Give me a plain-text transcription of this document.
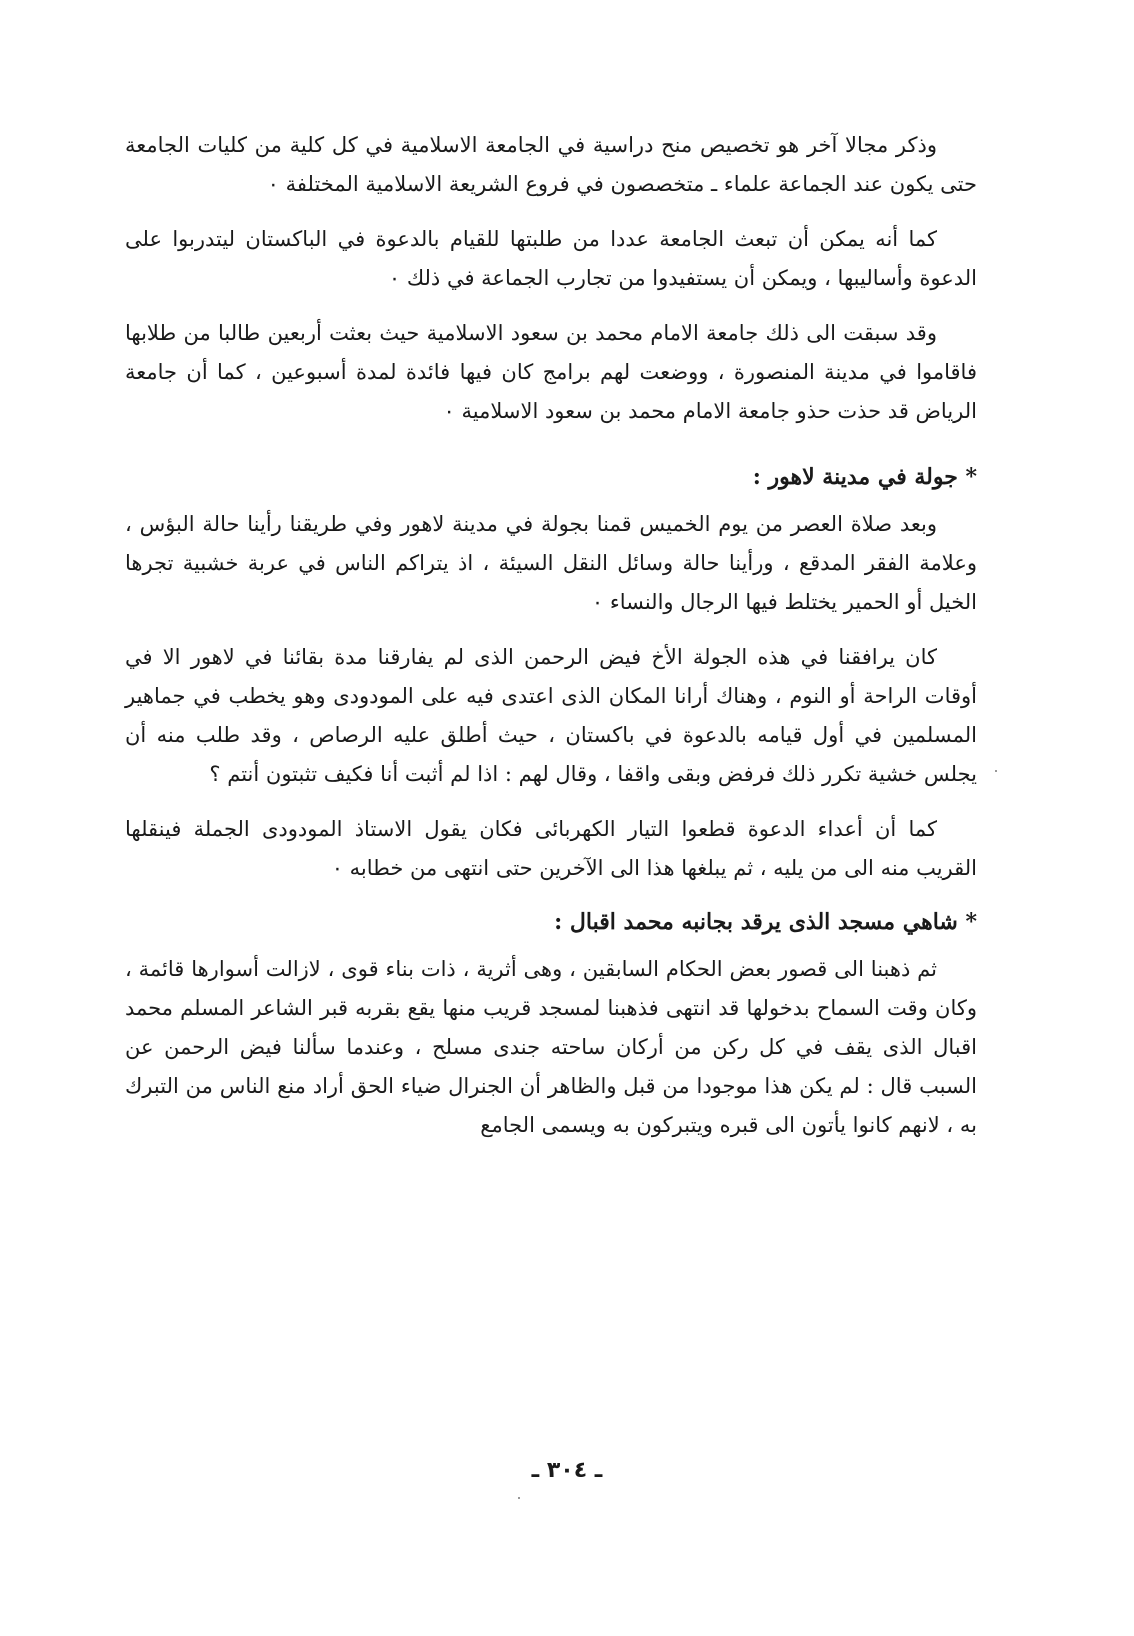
وذكر مجالا آخر هو تخصيص منح دراسية في الجامعة الاسلامية في كل كلية من كليات الجامعة حتى يكون عند الجماعة علماء ـ متخصصون في فروع الشريعة الاسلامية المختلفة ٠

كما أنه يمكن أن تبعث الجامعة عددا من طلبتها للقيام بالدعوة في الباكستان ليتدربوا على الدعوة وأساليبها ، ويمكن أن يستفيدوا من تجارب الجماعة في ذلك ٠

وقد سبقت الى ذلك جامعة الامام محمد بن سعود الاسلامية حيث بعثت أربعين طالبا من طلابها فاقاموا في مدينة المنصورة ، ووضعت لهم برامج كان فيها فائدة لمدة أسبوعين ، كما أن جامعة الرياض قد حذت حذو جامعة الامام محمد بن سعود الاسلامية ٠

* جولة في مدينة لاهور :

وبعد صلاة العصر من يوم الخميس قمنا بجولة في مدينة لاهور وفي طريقنا رأينا حالة البؤس ، وعلامة الفقر المدقع ، ورأينا حالة وسائل النقل السيئة ، اذ يتراكم الناس في عربة خشبية تجرها الخيل أو الحمير يختلط فيها الرجال والنساء ٠

كان يرافقنا في هذه الجولة الأخ فيض الرحمن الذى لم يفارقنا مدة بقائنا في لاهور الا في أوقات الراحة أو النوم ، وهناك أرانا المكان الذى اعتدى فيه على المودودى وهو يخطب في جماهير المسلمين في أول قيامه بالدعوة في باكستان ، حيث أطلق عليه الرصاص ، وقد طلب منه أن يجلس خشية تكرر ذلك فرفض وبقى واقفا ، وقال لهم : اذا لم أثبت أنا فكيف تثبتون أنتم ؟

كما أن أعداء الدعوة قطعوا التيار الكهربائى فكان يقول الاستاذ المودودى الجملة فينقلها القريب منه الى من يليه ، ثم يبلغها هذا الى الآخرين حتى انتهى من خطابه ٠

* شاهي مسجد الذى يرقد بجانبه محمد اقبال :

ثم ذهبنا الى قصور بعض الحكام السابقين ، وهى أثرية ، ذات بناء قوى ، لازالت أسوارها قائمة ، وكان وقت السماح بدخولها قد انتهى فذهبنا لمسجد قريب منها يقع بقربه قبر الشاعر المسلم محمد اقبال الذى يقف في كل ركن من أركان ساحته جندى مسلح ، وعندما سألنا فيض الرحمن عن السبب قال : لم يكن هذا موجودا من قبل والظاهر أن الجنرال ضياء الحق أراد منع الناس من التبرك به ، لانهم كانوا يأتون الى قبره ويتبركون به ويسمى الجامع

ـ ٣٠٤ ـ
